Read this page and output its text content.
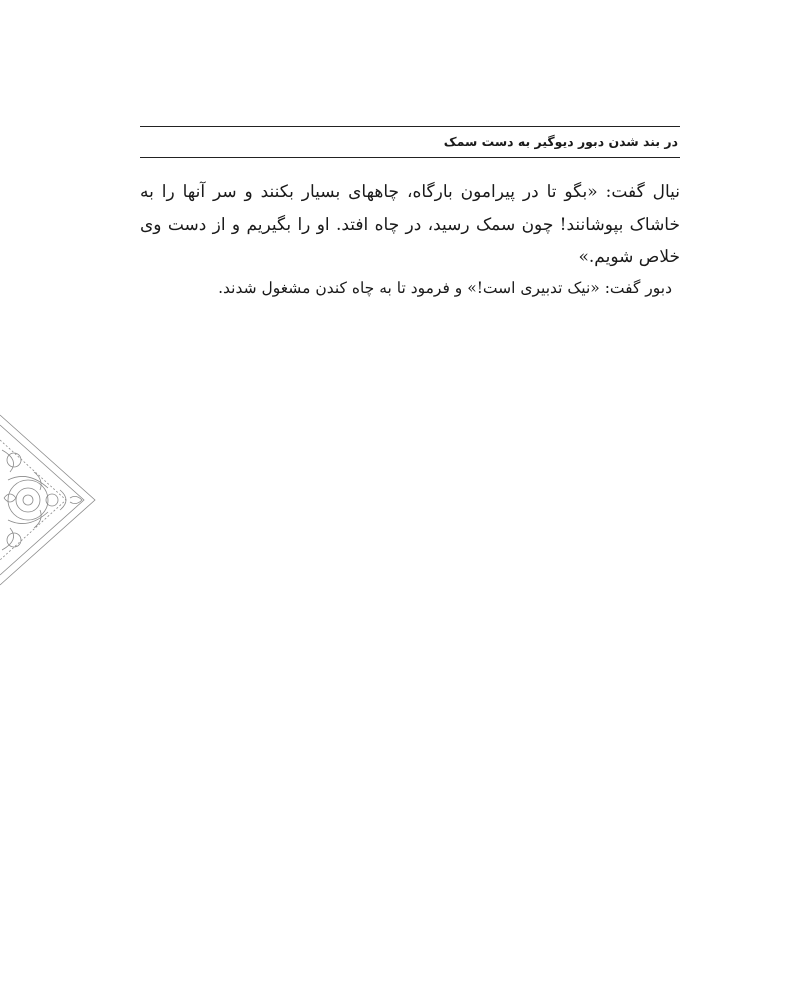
در بند شدن دبور دیوگیر به دست سمک

نیال گفت: «بگو تا در پیرامون بارگاه، چاههای بسیار بکنند و سر آنها را به خاشاک بپوشانند! چون سمک رسید، در چاه افتد. او را بگیریم و از دست وی خلاص شویم.»

دبور گفت: «نیک تدبیری است!» و فرمود تا به چاه کندن مشغول شدند.
